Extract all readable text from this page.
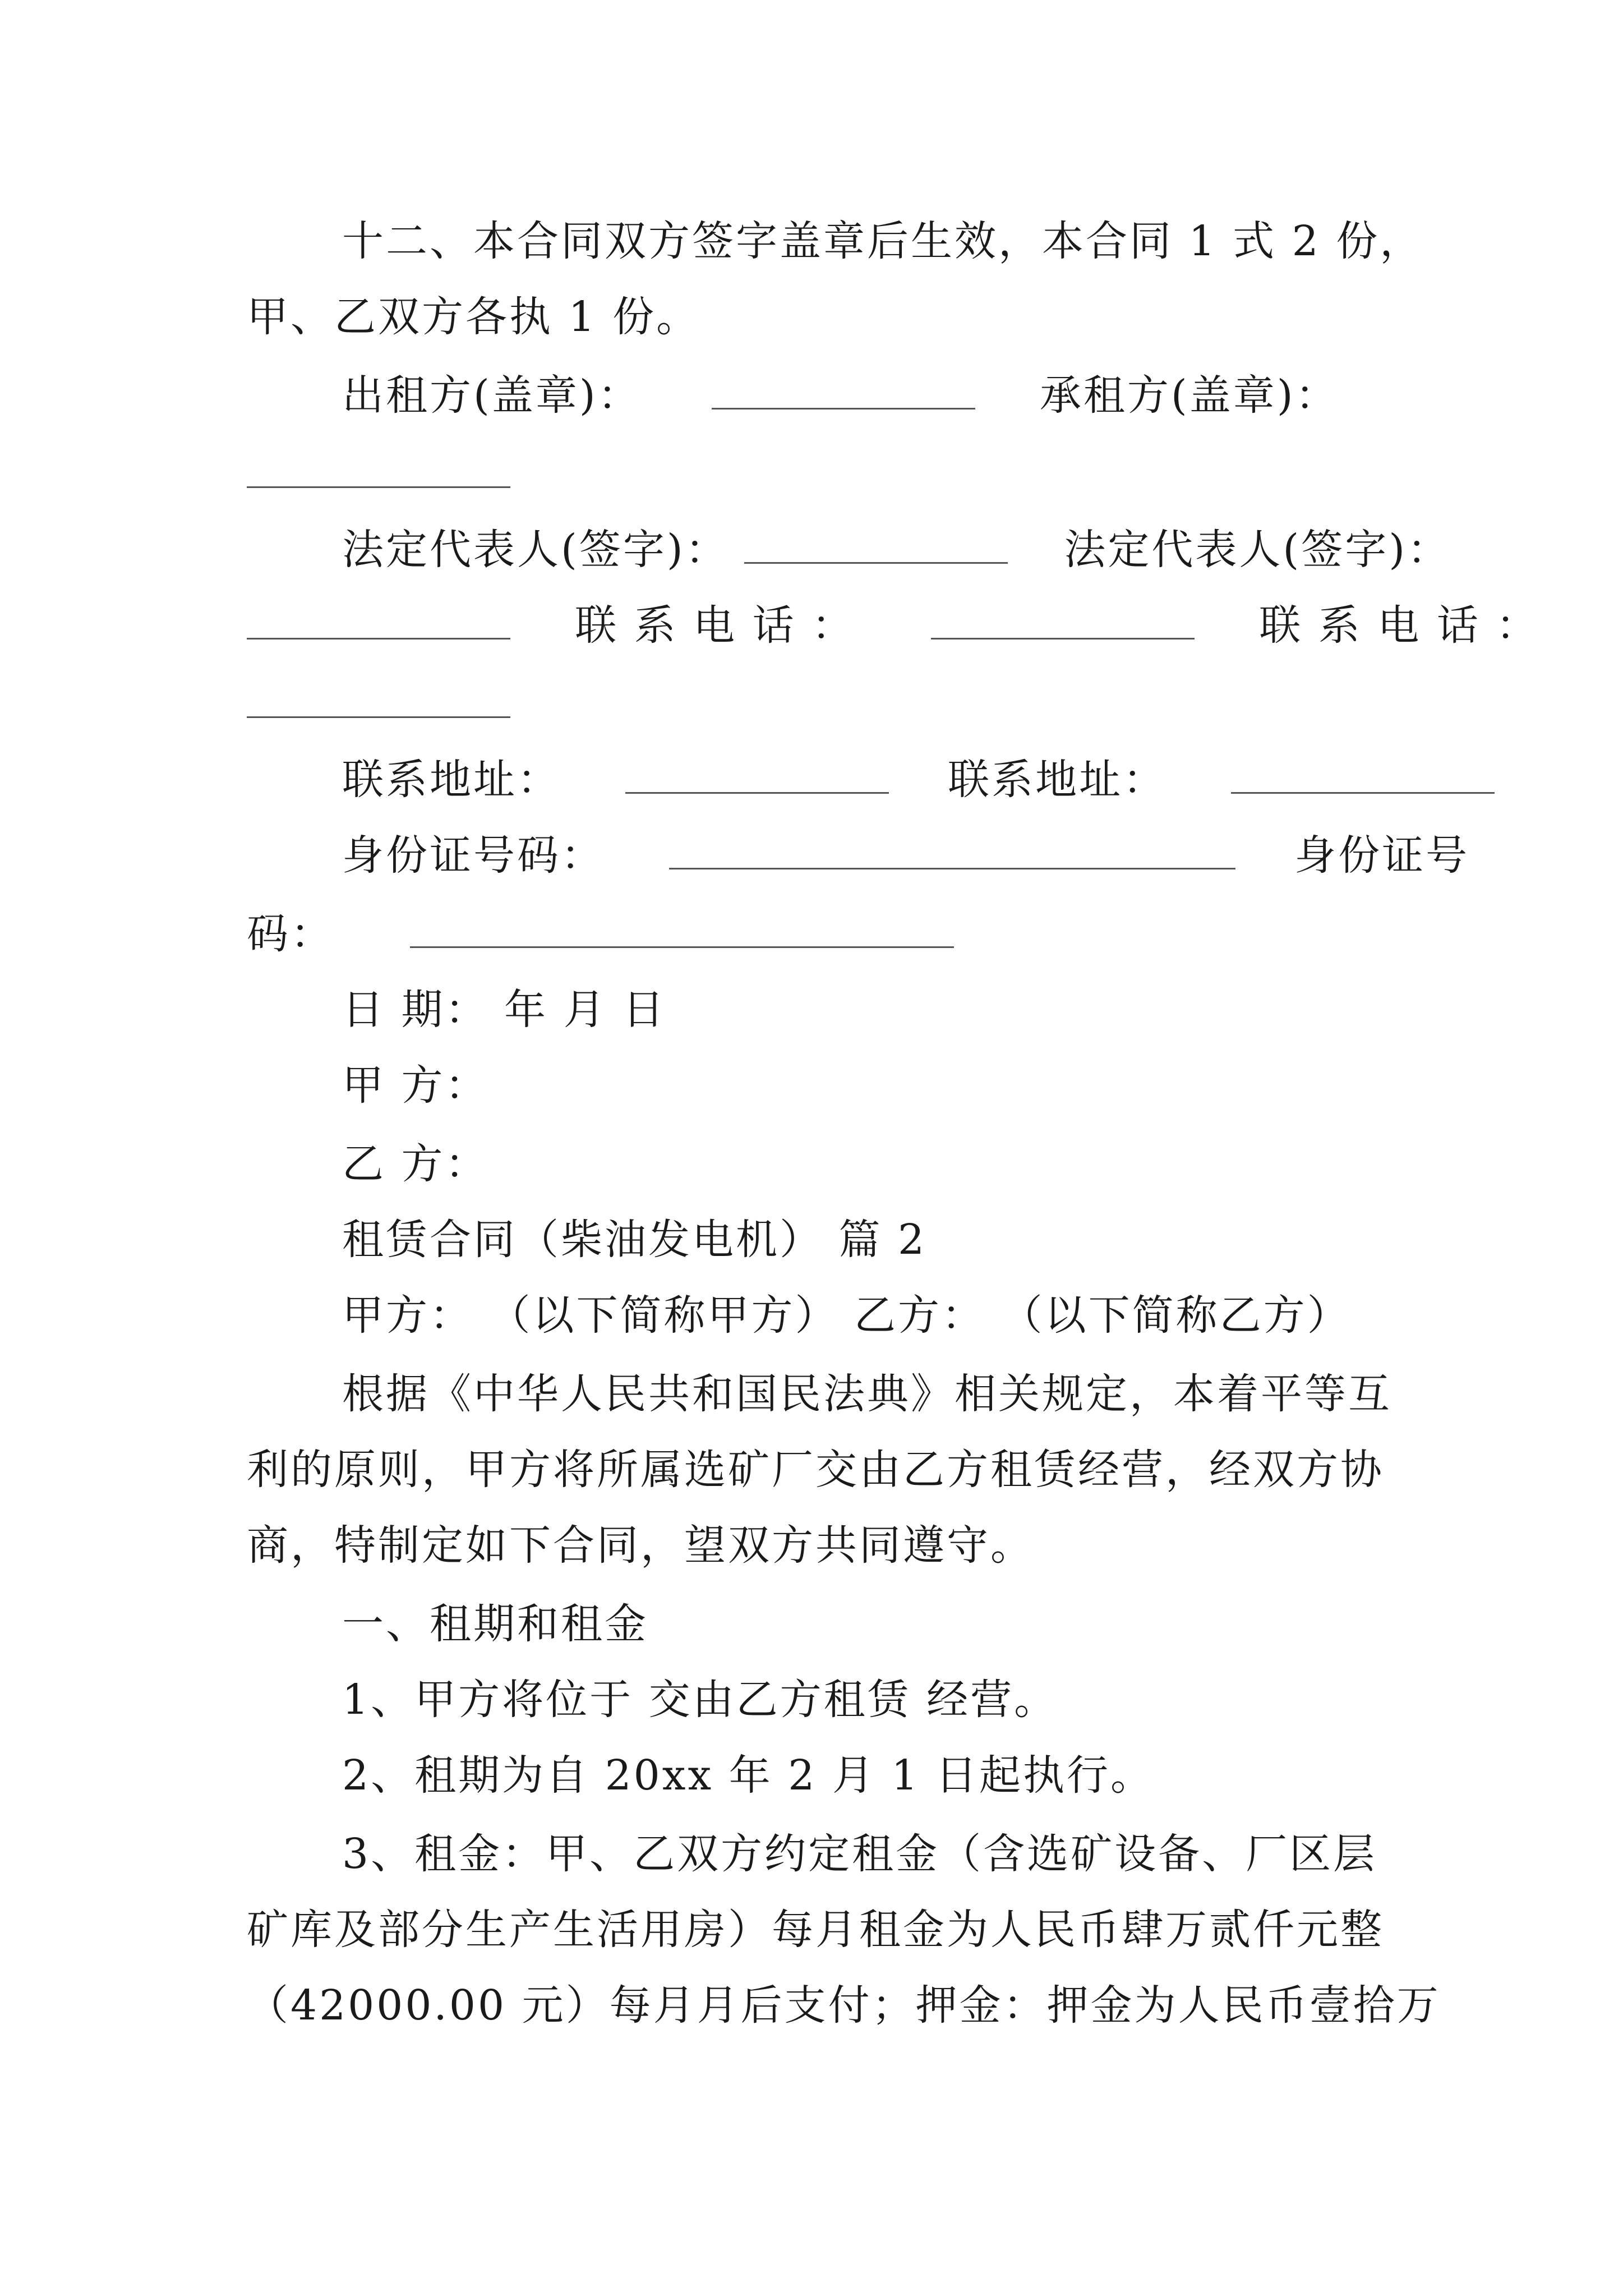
十二、本合同双方签字盖章后生效，本合同 1 式 2 份，
甲、乙双方各执 1 份。
出租方(盖章)：	承租方(盖章)：
法定代表人(签字)：	法定代表人(签字)：
联 系 电 话 ：	联 系 电 话 ：
联系地址：	联系地址：
身份证号码：	身份证号
码：
日 期： 年 月 日
甲 方：
乙 方：
租赁合同（柴油发电机） 篇 2
甲方： （以下简称甲方） 乙方： （以下简称乙方）
根据《中华人民共和国民法典》相关规定，本着平等互
利的原则，甲方将所属选矿厂交由乙方租赁经营，经双方协
商，特制定如下合同，望双方共同遵守。
一、租期和租金
1、甲方将位于 交由乙方租赁 经营。
2、租期为自 20xx 年 2 月 1 日起执行。
3、租金：甲、乙双方约定租金（含选矿设备、厂区层
矿库及部分生产生活用房）每月租金为人民币肆万贰仟元整
（42000.00 元）每月月后支付；押金：押金为人民币壹拾万
